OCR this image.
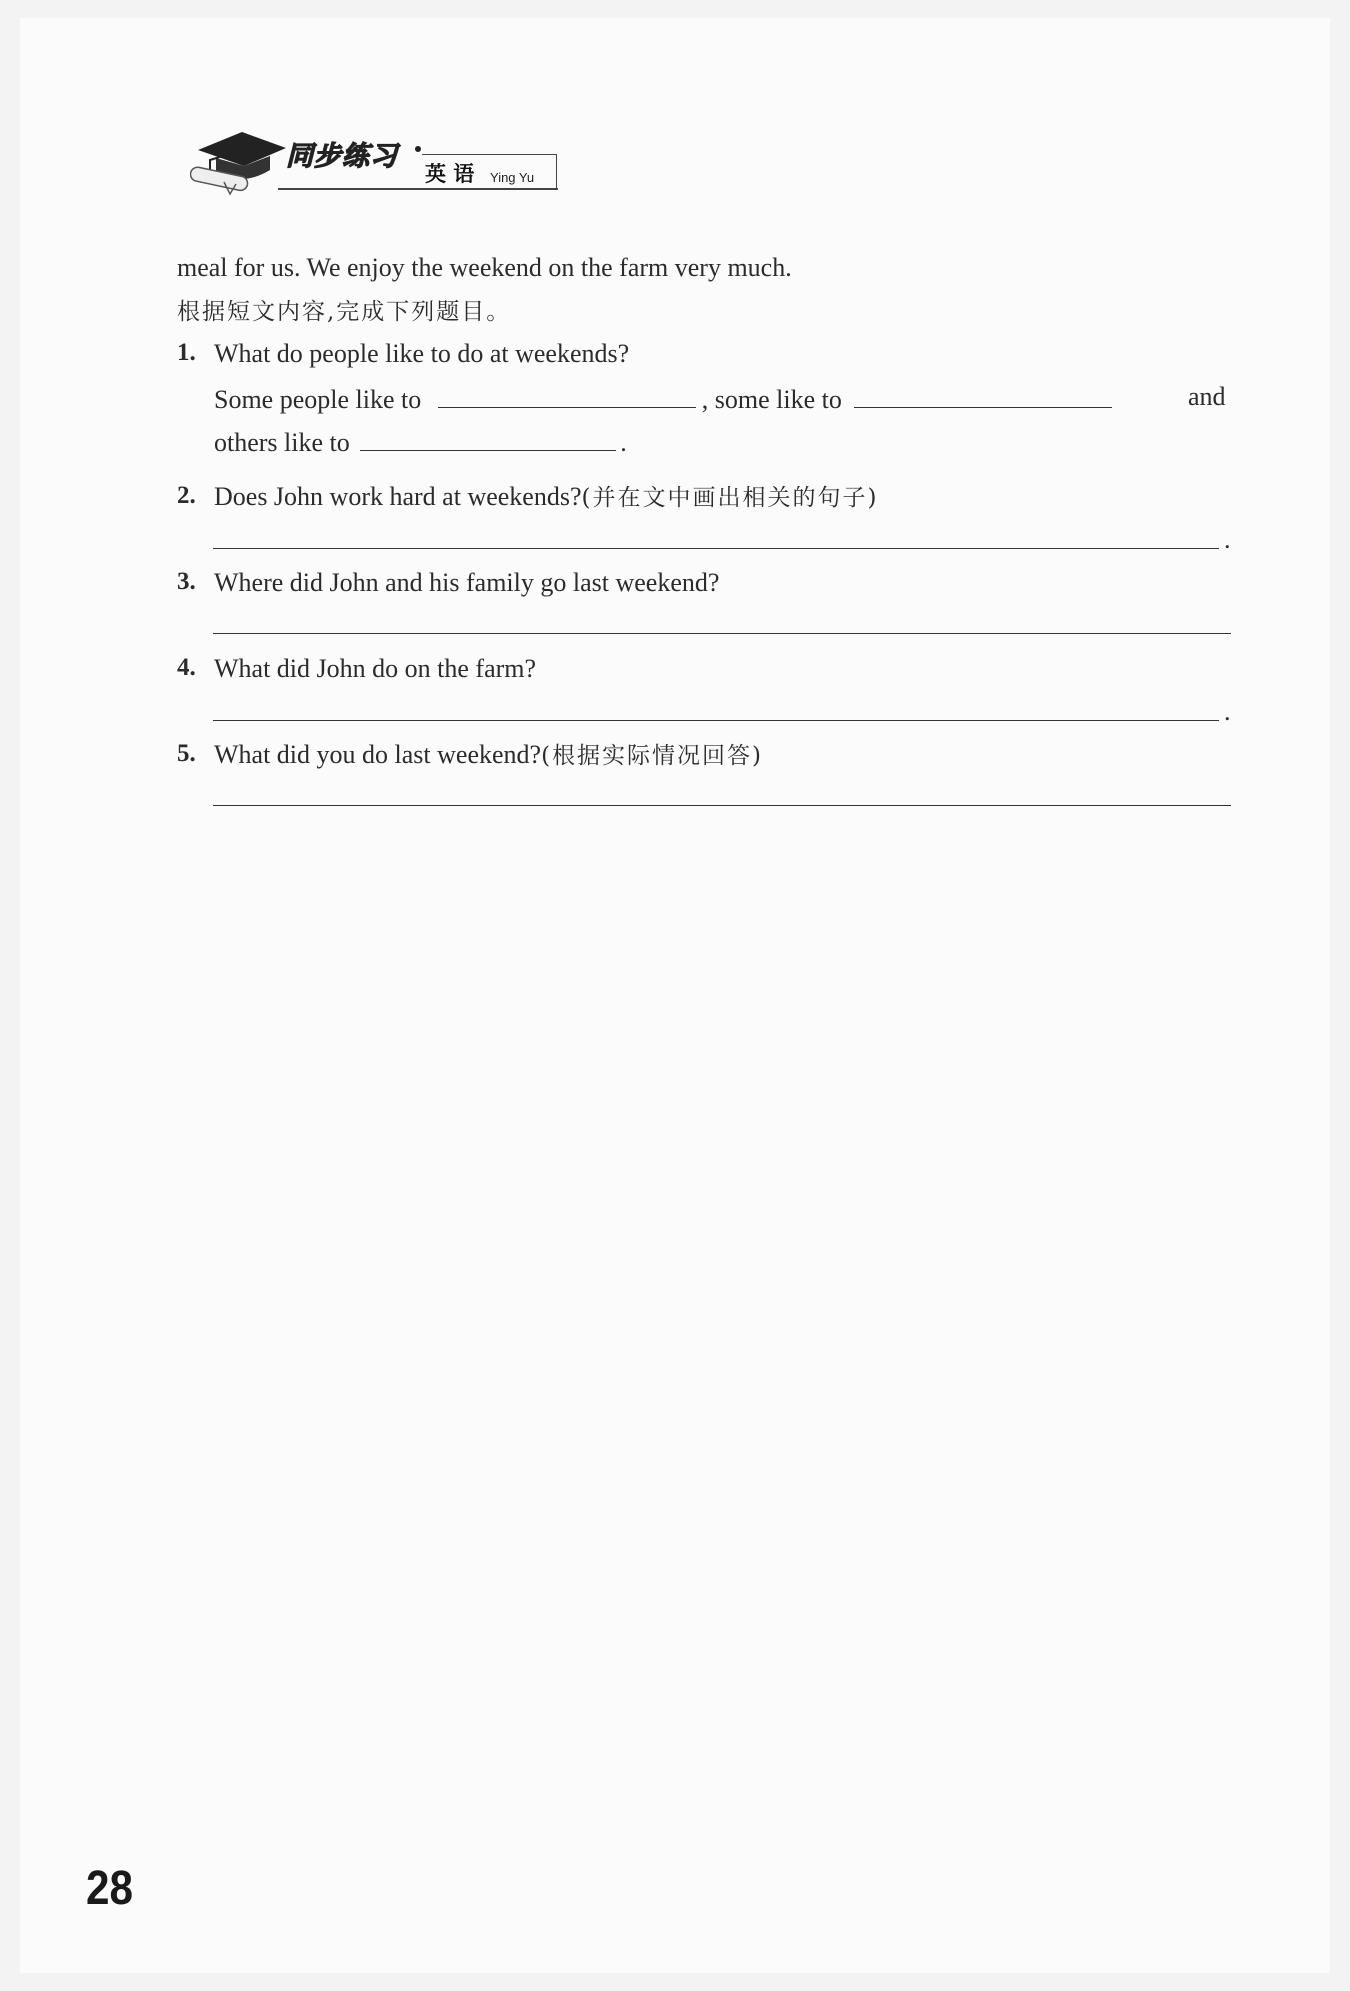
同步练习
英 语 Ying Yu
meal for us. We enjoy the weekend on the farm very much.
根据短文内容,完成下列题目。
1. What do people like to do at weekends?
Some people like to	, some like to	and
others like to	.
2. Does John work hard at weekends?(并在文中画出相关的句子)
.
3. Where did John and his family go last weekend?
4. What did John do on the farm?
.
5. What did you do last weekend?(根据实际情况回答)
28
